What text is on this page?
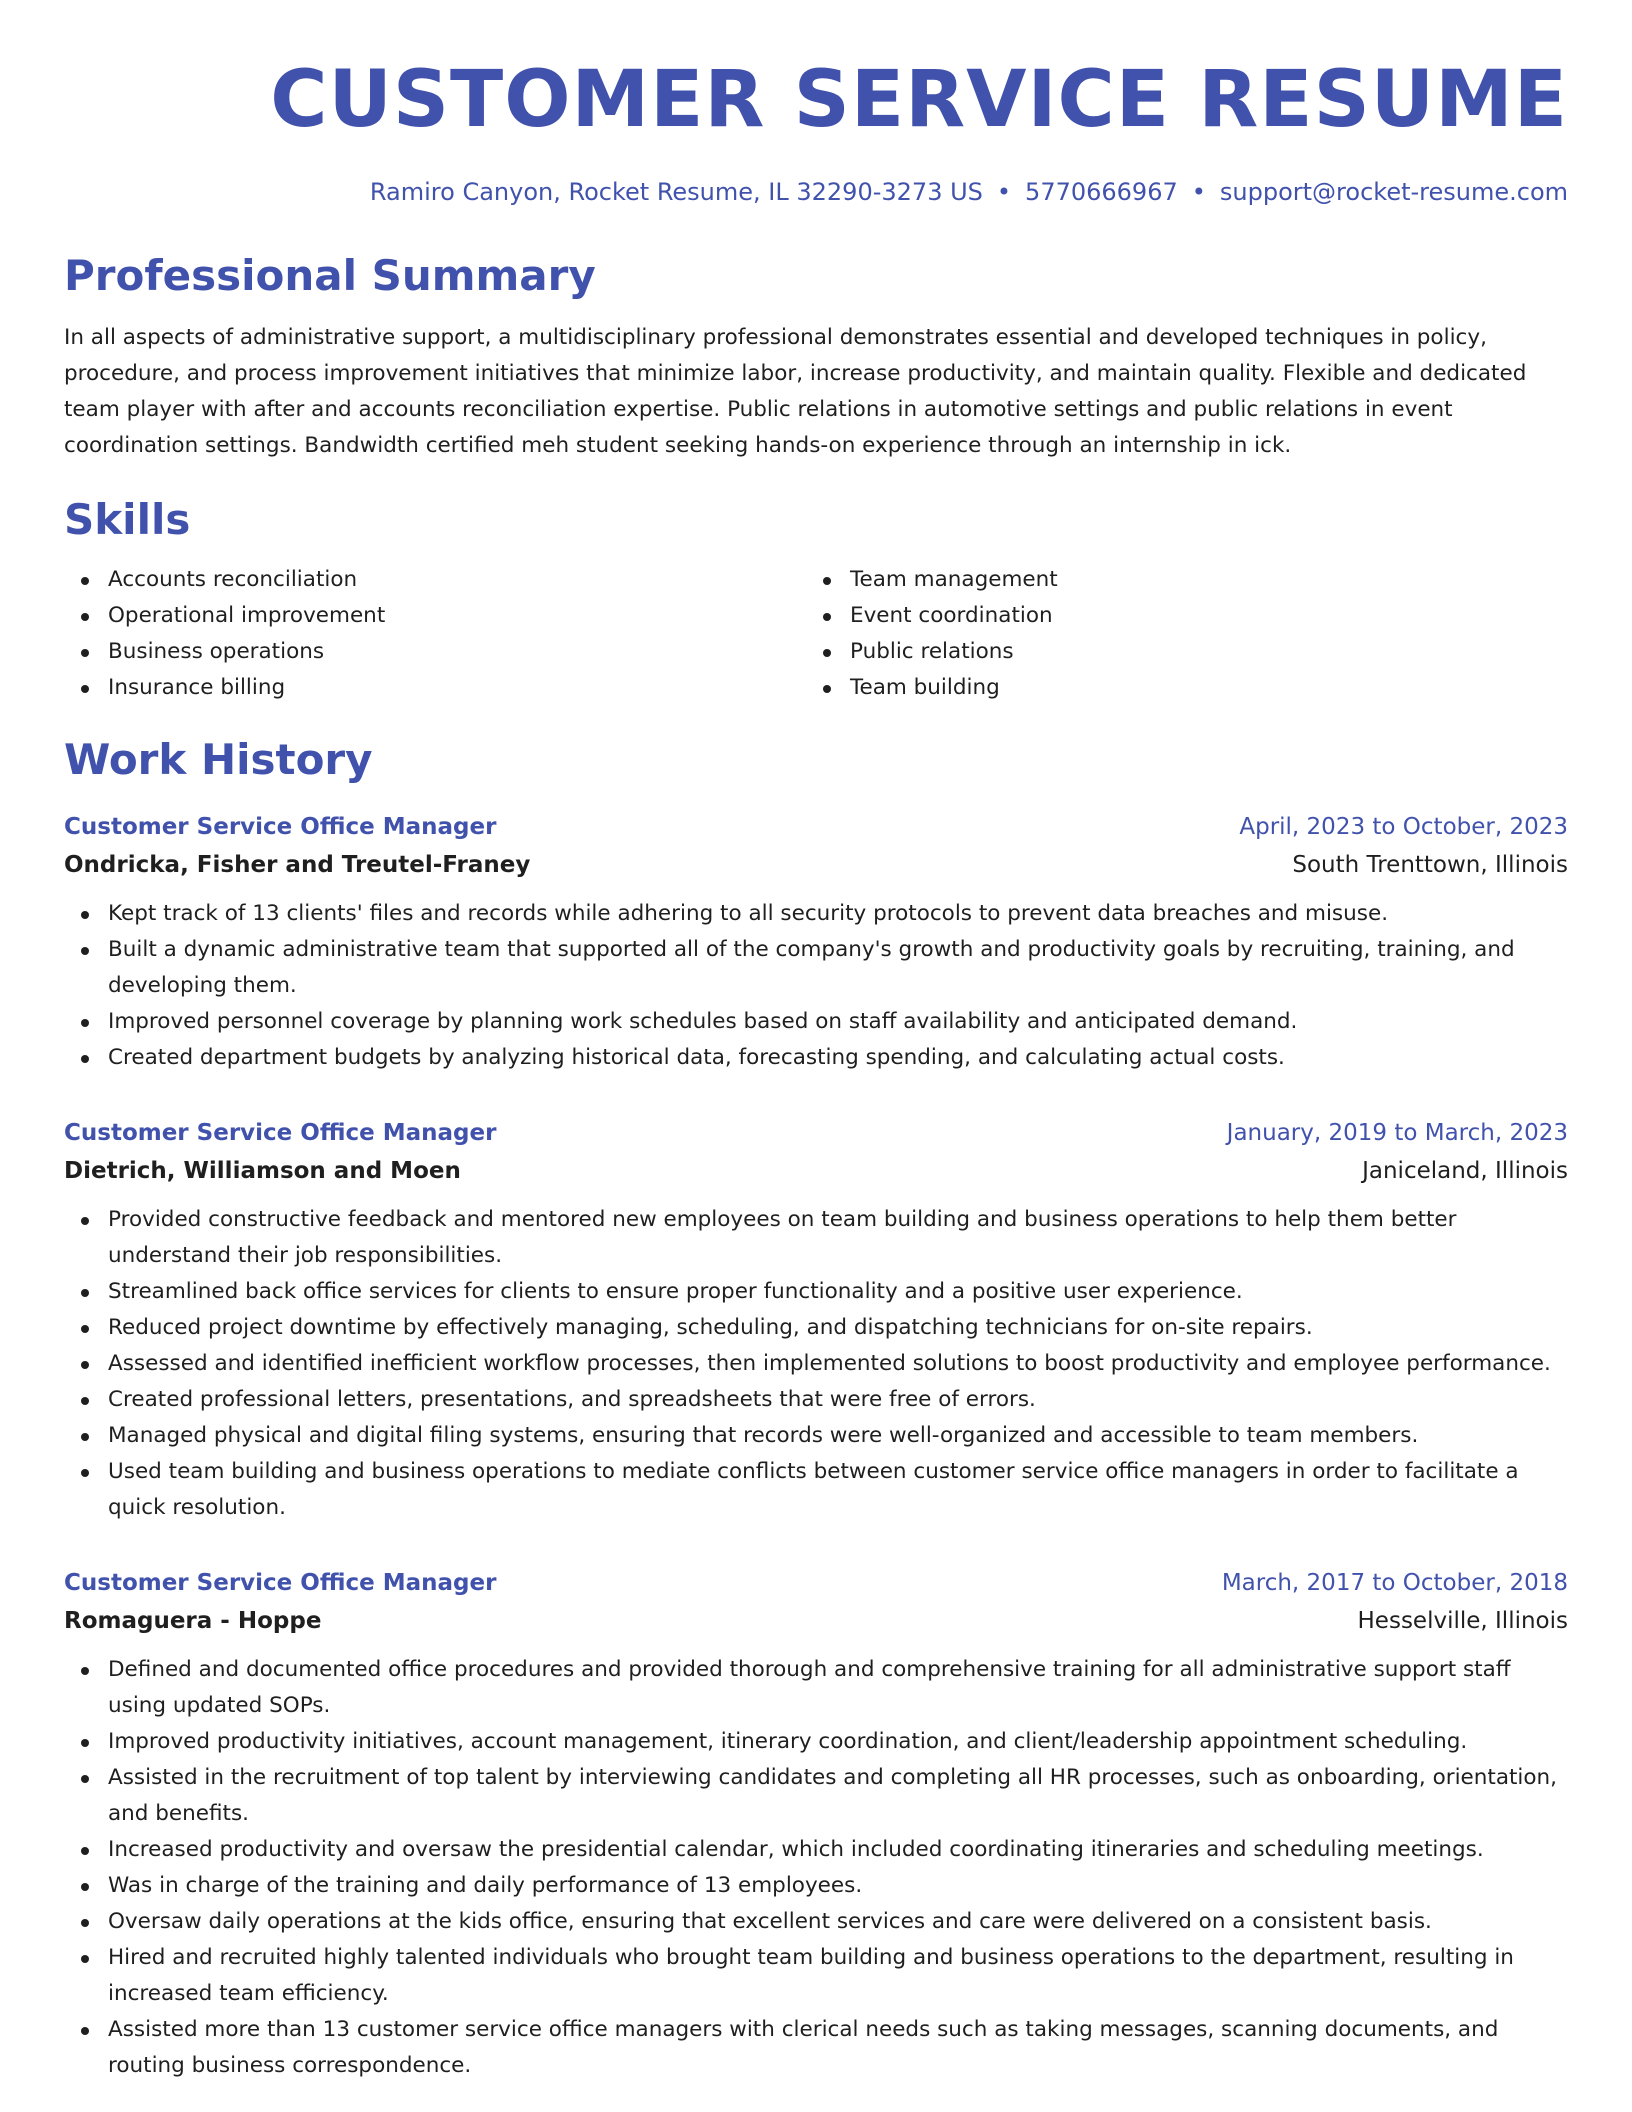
CUSTOMER SERVICE RESUME
Ramiro Canyon, Rocket Resume, IL 32290-3273 US • 5770666967 • support@rocket-resume.com
Professional Summary
In all aspects of administrative support, a multidisciplinary professional demonstrates essential and developed techniques in policy, procedure, and process improvement initiatives that minimize labor, increase productivity, and maintain quality. Flexible and dedicated team player with after and accounts reconciliation expertise. Public relations in automotive settings and public relations in event coordination settings. Bandwidth certified meh student seeking hands-on experience through an internship in ick.
Skills
Accounts reconciliation
Operational improvement
Business operations
Insurance billing
Team management
Event coordination
Public relations
Team building
Work History
Customer Service Office Manager	April, 2023 to October, 2023
Ondricka, Fisher and Treutel-Franey	South Trenttown, Illinois
Kept track of 13 clients' files and records while adhering to all security protocols to prevent data breaches and misuse.
Built a dynamic administrative team that supported all of the company's growth and productivity goals by recruiting, training, and developing them.
Improved personnel coverage by planning work schedules based on staff availability and anticipated demand.
Created department budgets by analyzing historical data, forecasting spending, and calculating actual costs.
Customer Service Office Manager	January, 2019 to March, 2023
Dietrich, Williamson and Moen	Janiceland, Illinois
Provided constructive feedback and mentored new employees on team building and business operations to help them better understand their job responsibilities.
Streamlined back office services for clients to ensure proper functionality and a positive user experience.
Reduced project downtime by effectively managing, scheduling, and dispatching technicians for on-site repairs.
Assessed and identified inefficient workflow processes, then implemented solutions to boost productivity and employee performance.
Created professional letters, presentations, and spreadsheets that were free of errors.
Managed physical and digital filing systems, ensuring that records were well-organized and accessible to team members.
Used team building and business operations to mediate conflicts between customer service office managers in order to facilitate a quick resolution.
Customer Service Office Manager	March, 2017 to October, 2018
Romaguera - Hoppe	Hesselville, Illinois
Defined and documented office procedures and provided thorough and comprehensive training for all administrative support staff using updated SOPs.
Improved productivity initiatives, account management, itinerary coordination, and client/leadership appointment scheduling.
Assisted in the recruitment of top talent by interviewing candidates and completing all HR processes, such as onboarding, orientation, and benefits.
Increased productivity and oversaw the presidential calendar, which included coordinating itineraries and scheduling meetings.
Was in charge of the training and daily performance of 13 employees.
Oversaw daily operations at the kids office, ensuring that excellent services and care were delivered on a consistent basis.
Hired and recruited highly talented individuals who brought team building and business operations to the department, resulting in increased team efficiency.
Assisted more than 13 customer service office managers with clerical needs such as taking messages, scanning documents, and routing business correspondence.
